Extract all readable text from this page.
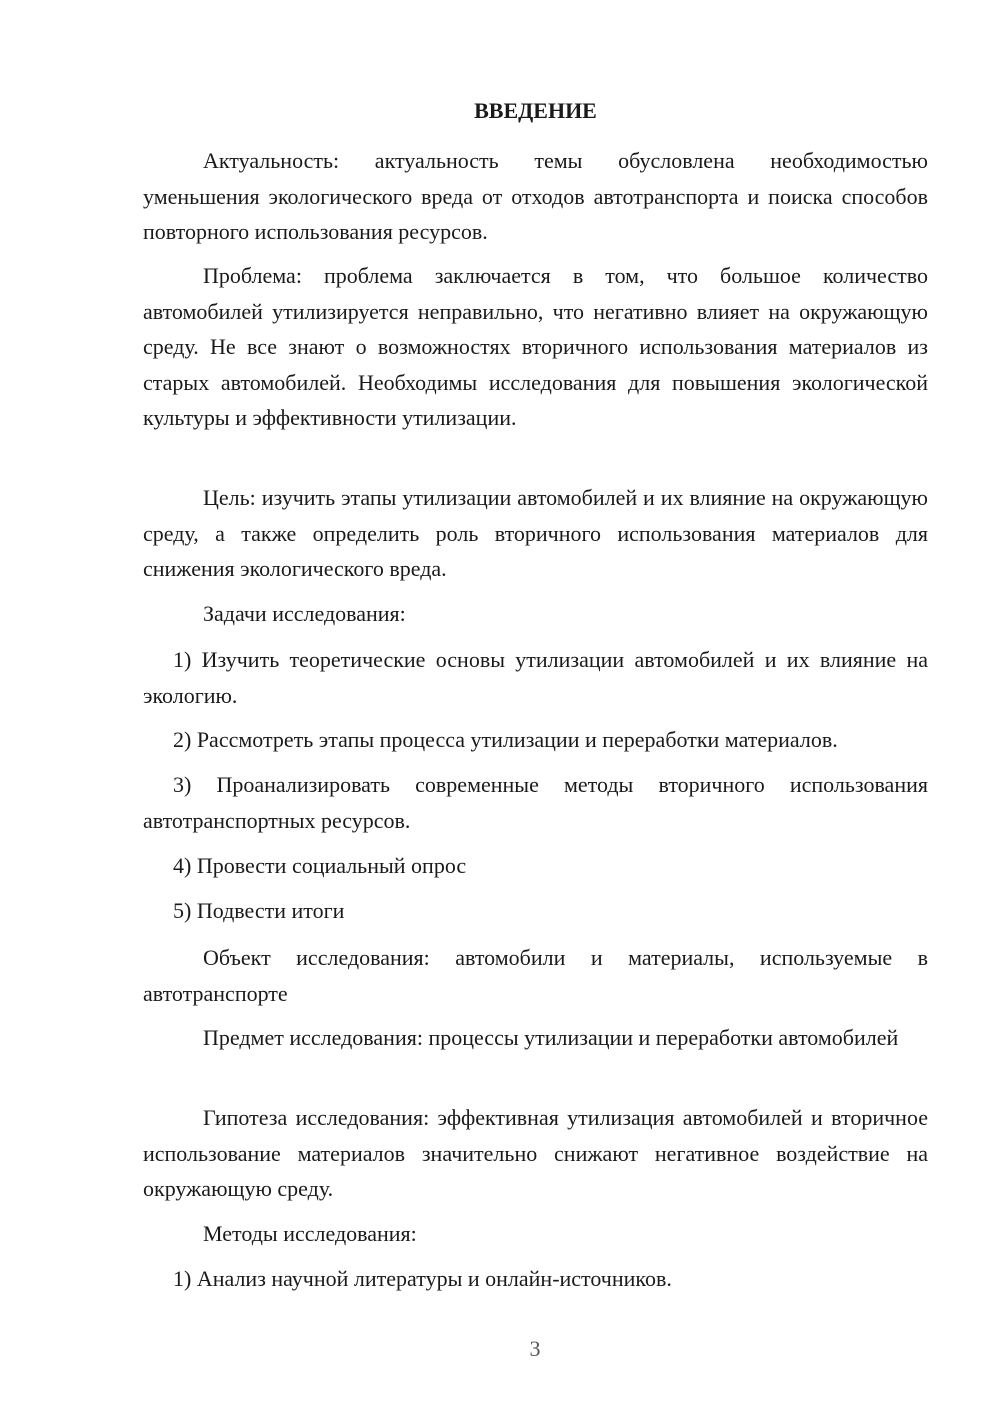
ВВЕДЕНИЕ

Актуальность: актуальность темы обусловлена необходимостью уменьшения экологического вреда от отходов автотранспорта и поиска способов повторного использования ресурсов.

Проблема: проблема заключается в том, что большое количество автомобилей утилизируется неправильно, что негативно влияет на окружающую среду. Не все знают о возможностях вторичного использования материалов из старых автомобилей. Необходимы исследования для повышения экологической культуры и эффективности утилизации.

Цель: изучить этапы утилизации автомобилей и их влияние на окружающую среду, а также определить роль вторичного использования материалов для снижения экологического вреда.

Задачи исследования:

1) Изучить теоретические основы утилизации автомобилей и их влияние на экологию.

2) Рассмотреть этапы процесса утилизации и переработки материалов.

3) Проанализировать современные методы вторичного использования автотранспортных ресурсов.

4) Провести социальный опрос

5) Подвести итоги

Объект исследования: автомобили и материалы, используемые в автотранспорте

Предмет исследования: процессы утилизации и переработки автомобилей

Гипотеза исследования: эффективная утилизация автомобилей и вторичное использование материалов значительно снижают негативное воздействие на окружающую среду.

Методы исследования:

1) Анализ научной литературы и онлайн-источников.

3
